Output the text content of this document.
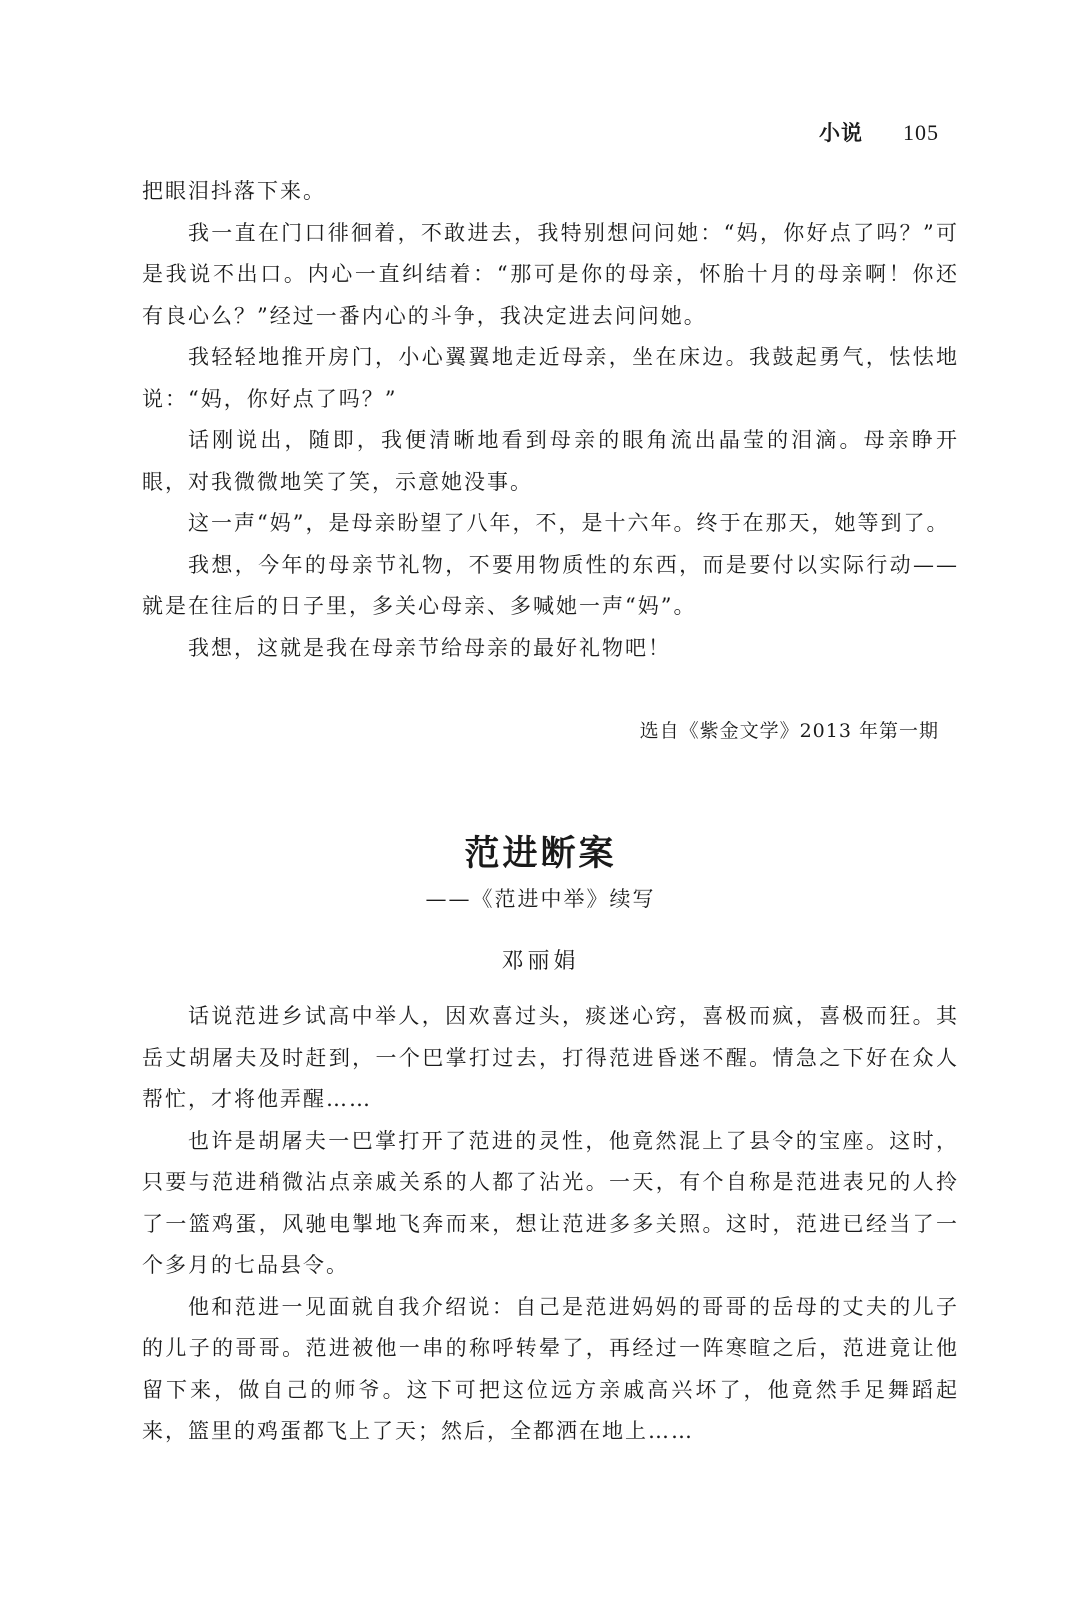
小说 105

把眼泪抖落下来。

我一直在门口徘徊着，不敢进去，我特别想问问她：“妈，你好点了吗？”可是我说不出口。内心一直纠结着：“那可是你的母亲，怀胎十月的母亲啊！你还有良心么？”经过一番内心的斗争，我决定进去问问她。

我轻轻地推开房门，小心翼翼地走近母亲，坐在床边。我鼓起勇气，怯怯地说：“妈，你好点了吗？”

话刚说出，随即，我便清晰地看到母亲的眼角流出晶莹的泪滴。母亲睁开眼，对我微微地笑了笑，示意她没事。

这一声“妈”，是母亲盼望了八年，不，是十六年。终于在那天，她等到了。

我想，今年的母亲节礼物，不要用物质性的东西，而是要付以实际行动——就是在往后的日子里，多关心母亲、多喊她一声“妈”。

我想，这就是我在母亲节给母亲的最好礼物吧！

选自《紫金文学》2013 年第一期
范进断案
——《范进中举》续写
邓丽娟

话说范进乡试高中举人，因欢喜过头，痰迷心窍，喜极而疯，喜极而狂。其岳丈胡屠夫及时赶到，一个巴掌打过去，打得范进昏迷不醒。情急之下好在众人帮忙，才将他弄醒……

也许是胡屠夫一巴掌打开了范进的灵性，他竟然混上了县令的宝座。这时，只要与范进稍微沾点亲戚关系的人都了沾光。一天，有个自称是范进表兄的人拎了一篮鸡蛋，风驰电掣地飞奔而来，想让范进多多关照。这时，范进已经当了一个多月的七品县令。

他和范进一见面就自我介绍说：自己是范进妈妈的哥哥的岳母的丈夫的儿子的儿子的哥哥。范进被他一串的称呼转晕了，再经过一阵寒暄之后，范进竟让他留下来，做自己的师爷。这下可把这位远方亲戚高兴坏了，他竟然手足舞蹈起来，篮里的鸡蛋都飞上了天；然后，全都洒在地上……
